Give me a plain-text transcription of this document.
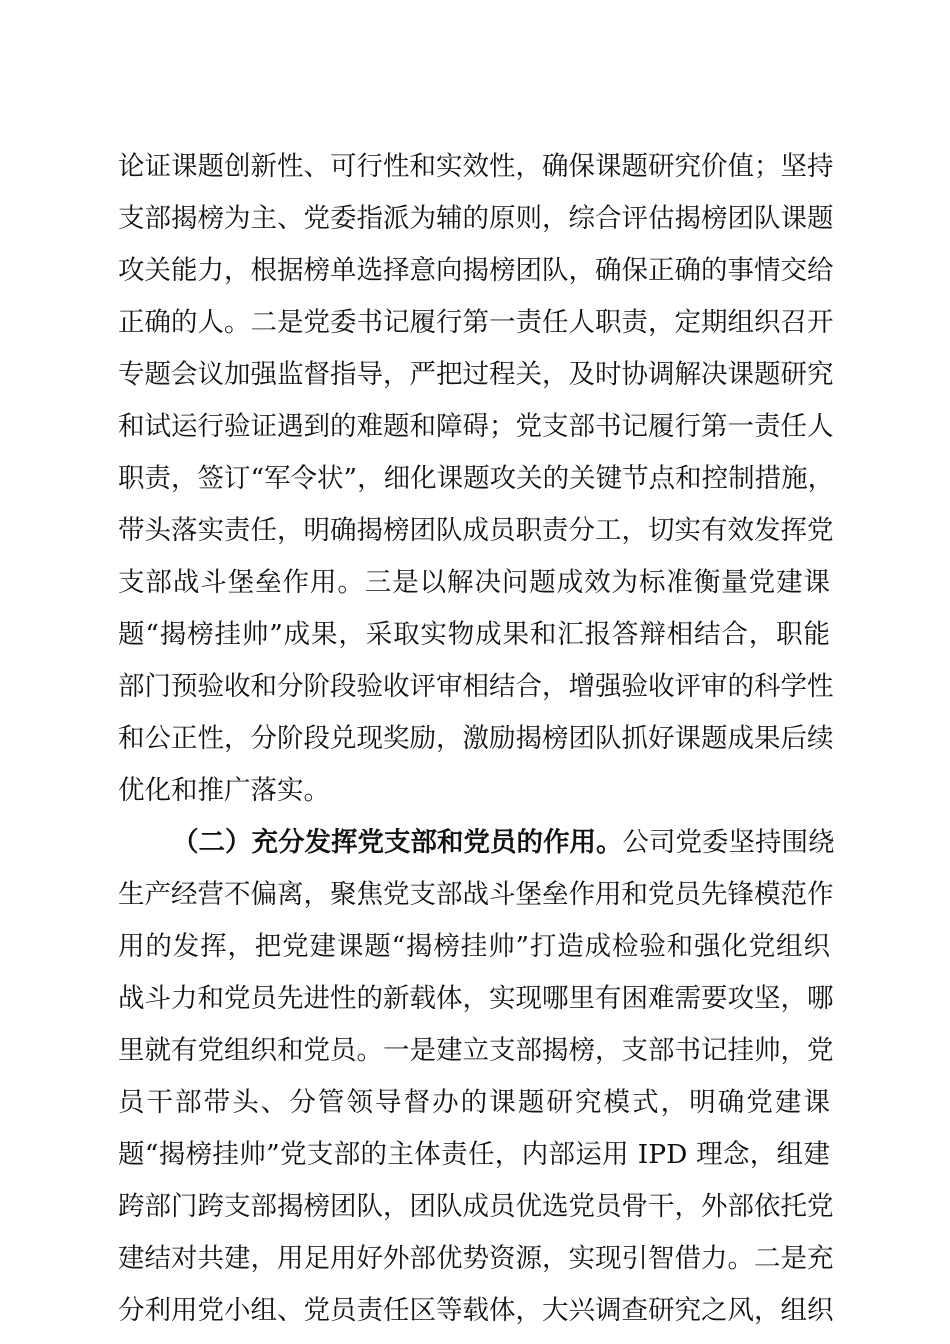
论证课题创新性、可行性和实效性，确保课题研究价值；坚持
支部揭榜为主、党委指派为辅的原则，综合评估揭榜团队课题
攻关能力，根据榜单选择意向揭榜团队，确保正确的事情交给
正确的人。二是党委书记履行第一责任人职责，定期组织召开
专题会议加强监督指导，严把过程关，及时协调解决课题研究
和试运行验证遇到的难题和障碍；党支部书记履行第一责任人
职责，签订“军令状”，细化课题攻关的关键节点和控制措施，
带头落实责任，明确揭榜团队成员职责分工，切实有效发挥党
支部战斗堡垒作用。三是以解决问题成效为标准衡量党建课
题“揭榜挂帅”成果，采取实物成果和汇报答辩相结合，职能
部门预验收和分阶段验收评审相结合，增强验收评审的科学性
和公正性，分阶段兑现奖励，激励揭榜团队抓好课题成果后续
优化和推广落实。
（二）充分发挥党支部和党员的作用。公司党委坚持围绕
生产经营不偏离，聚焦党支部战斗堡垒作用和党员先锋模范作
用的发挥，把党建课题“揭榜挂帅”打造成检验和强化党组织
战斗力和党员先进性的新载体，实现哪里有困难需要攻坚，哪
里就有党组织和党员。一是建立支部揭榜，支部书记挂帅，党
员干部带头、分管领导督办的课题研究模式，明确党建课
题“揭榜挂帅”党支部的主体责任，内部运用 IPD 理念，组建
跨部门跨支部揭榜团队，团队成员优选党员骨干，外部依托党
建结对共建，用足用好外部优势资源，实现引智借力。二是充
分利用党小组、党员责任区等载体，大兴调查研究之风，组织
